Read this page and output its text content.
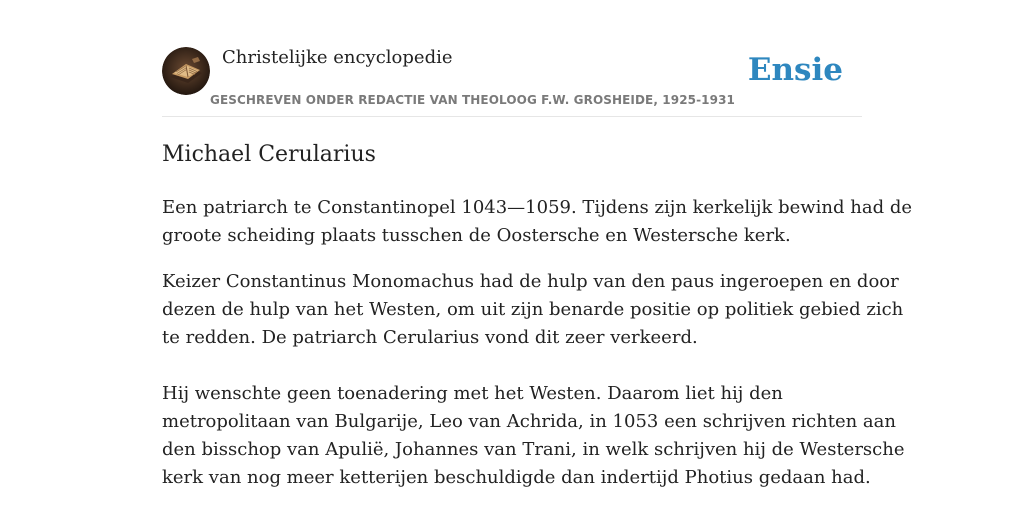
Christelijke encyclopedie
GESCHREVEN ONDER REDACTIE VAN THEOLOOG F.W. GROSHEIDE, 1925-1931
Ensie
Michael Cerularius
Een patriarch te Constantinopel 1043—1059. Tijdens zijn kerkelijk bewind had de
groote scheiding plaats tusschen de Oostersche en Westersche kerk.
Keizer Constantinus Monomachus had de hulp van den paus ingeroepen en door
dezen de hulp van het Westen, om uit zijn benarde positie op politiek gebied zich
te redden. De patriarch Cerularius vond dit zeer verkeerd.
Hij wenschte geen toenadering met het Westen. Daarom liet hij den
metropolitaan van Bulgarije, Leo van Achrida, in 1053 een schrijven richten aan
den bisschop van Apulië, Johannes van Trani, in welk schrijven hij de Westersche
kerk van nog meer ketterijen beschuldigde dan indertijd Photius gedaan had.
